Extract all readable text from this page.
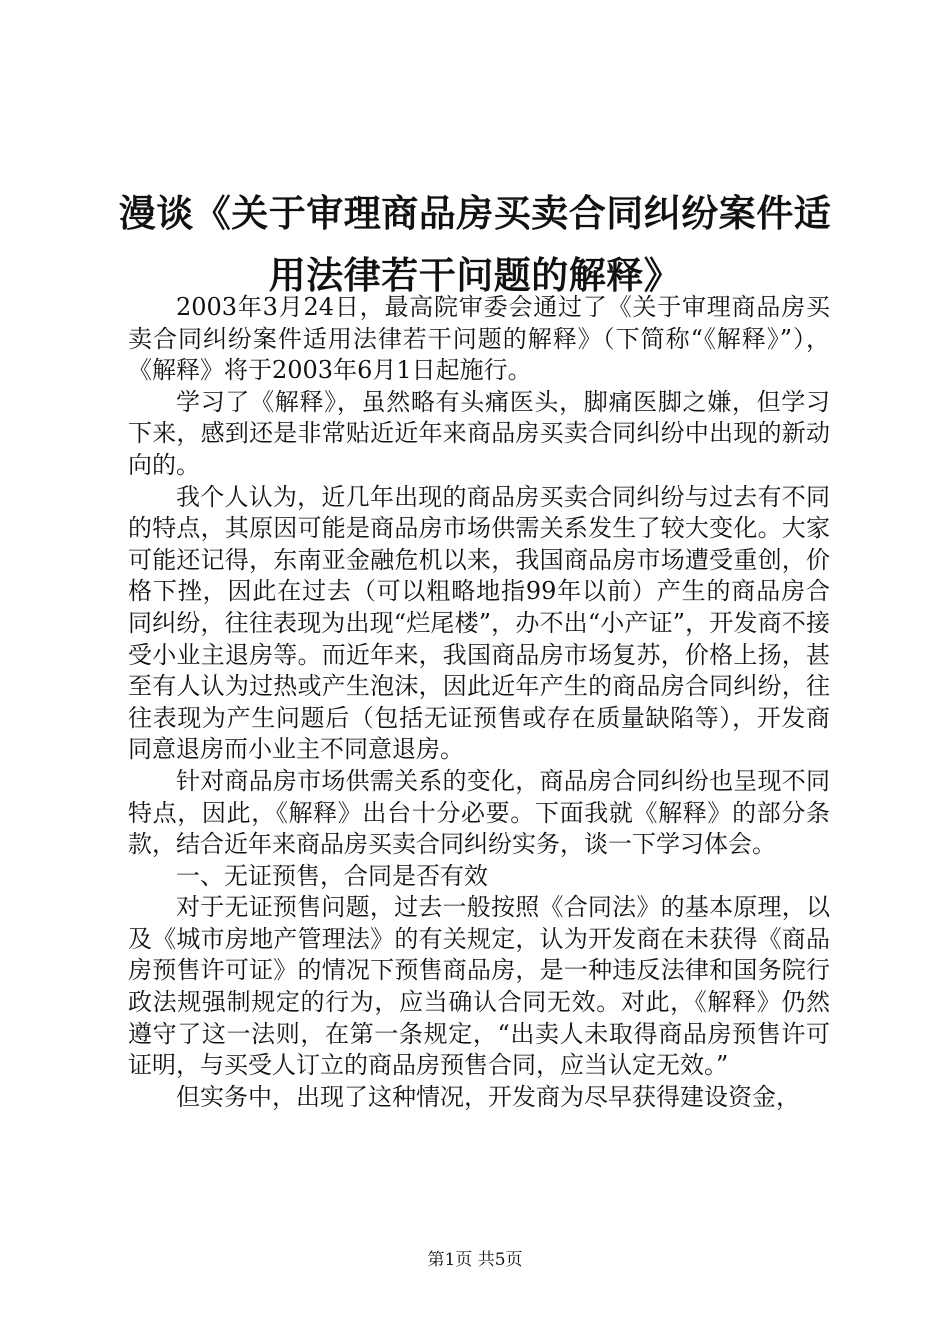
漫谈《关于审理商品房买卖合同纠纷案件适用法律若干问题的解释》

2003年3月24日，最高院审委会通过了《关于审理商品房买卖合同纠纷案件适用法律若干问题的解释》（下简称“《解释》”），《解释》将于2003年6月1日起施行。

学习了《解释》，虽然略有头痛医头，脚痛医脚之嫌，但学习下来，感到还是非常贴近近年来商品房买卖合同纠纷中出现的新动向的。

我个人认为，近几年出现的商品房买卖合同纠纷与过去有不同的特点，其原因可能是商品房市场供需关系发生了较大变化。大家可能还记得，东南亚金融危机以来，我国商品房市场遭受重创，价格下挫，因此在过去（可以粗略地指99年以前）产生的商品房合同纠纷，往往表现为出现“烂尾楼”，办不出“小产证”，开发商不接受小业主退房等。而近年来，我国商品房市场复苏，价格上扬，甚至有人认为过热或产生泡沫，因此近年产生的商品房合同纠纷，往往表现为产生问题后（包括无证预售或存在质量缺陷等），开发商同意退房而小业主不同意退房。

针对商品房市场供需关系的变化，商品房合同纠纷也呈现不同特点，因此，《解释》出台十分必要。下面我就《解释》的部分条款，结合近年来商品房买卖合同纠纷实务，谈一下学习体会。

一、无证预售，合同是否有效

对于无证预售问题，过去一般按照《合同法》的基本原理，以及《城市房地产管理法》的有关规定，认为开发商在未获得《商品房预售许可证》的情况下预售商品房，是一种违反法律和国务院行政法规强制规定的行为，应当确认合同无效。对此，《解释》仍然遵守了这一法则，在第一条规定，“出卖人未取得商品房预售许可证明，与买受人订立的商品房预售合同，应当认定无效。”

但实务中，出现了这种情况，开发商为尽早获得建设资金，

第1页 共5页
